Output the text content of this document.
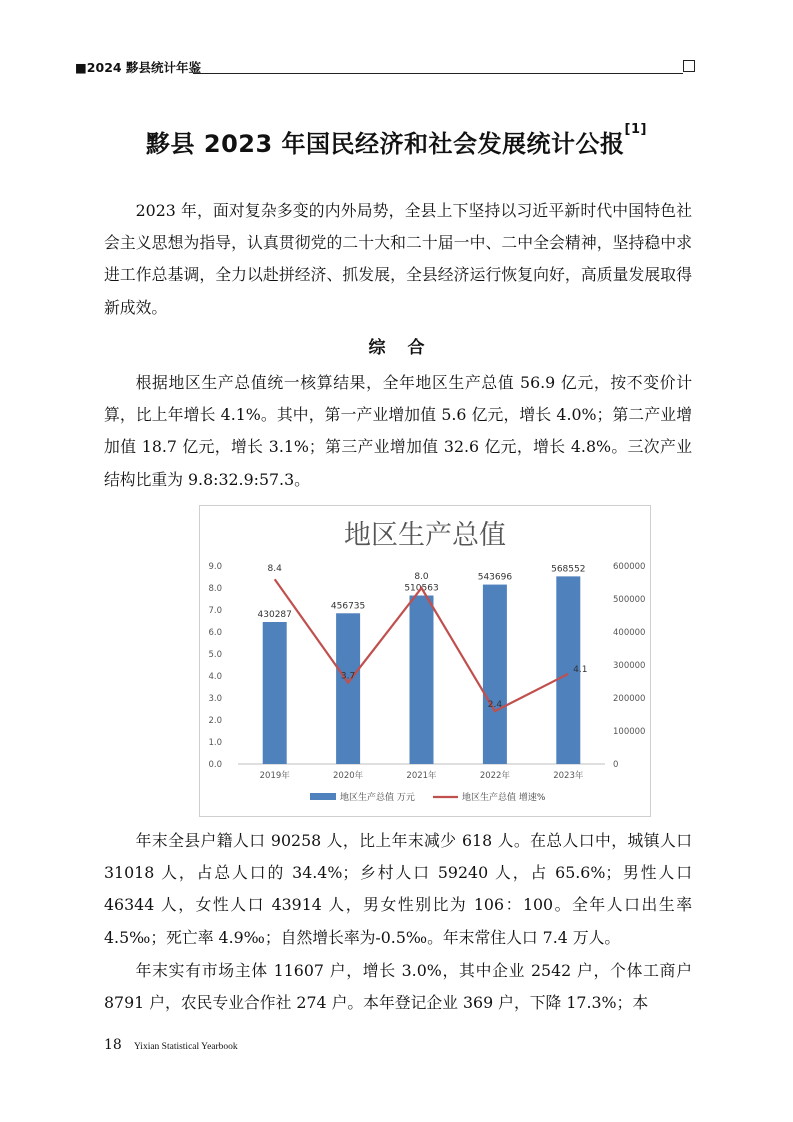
■2024 黟县统计年鉴
黟县 2023 年国民经济和社会发展统计公报[1]

2023 年，面对复杂多变的内外局势，全县上下坚持以习近平新时代中国特色社会主义思想为指导，认真贯彻党的二十大和二十届一中、二中全会精神，坚持稳中求进工作总基调，全力以赴拼经济、抓发展，全县经济运行恢复向好，高质量发展取得新成效。

综合

根据地区生产总值统一核算结果，全年地区生产总值 56.9 亿元，按不变价计算，比上年增长 4.1%。其中，第一产业增加值 5.6 亿元，增长 4.0%；第二产业增加值 18.7 亿元，增长 3.1%；第三产业增加值 32.6 亿元，增长 4.8%。三次产业结构比重为 9.8:32.9:57.3。

地区生产总值
0.0
1.0
2.0
3.0
4.0
5.0
6.0
7.0
8.0
9.0
0
100000
200000
300000
400000
500000
600000
430287
456735
510563
543696
568552
2019年	2020年	2021年	2022年	2023年
8.4
3.7
8.0
2.4
4.1
地区生产总值 万元	地区生产总值 增速%

年末全县户籍人口 90258 人，比上年末减少 618 人。在总人口中，城镇人口 31018 人，占总人口的 34.4%；乡村人口 59240 人，占 65.6%；男性人口 46344 人，女性人口 43914 人，男女性别比为 106：100。全年人口出生率 4.5‰；死亡率 4.9‰；自然增长率为-0.5‰。年末常住人口 7.4 万人。

年末实有市场主体 11607 户，增长 3.0%，其中企业 2542 户，个体工商户 8791 户，农民专业合作社 274 户。本年登记企业 369 户，下降 17.3%；本

18 Yixian Statistical Yearbook
